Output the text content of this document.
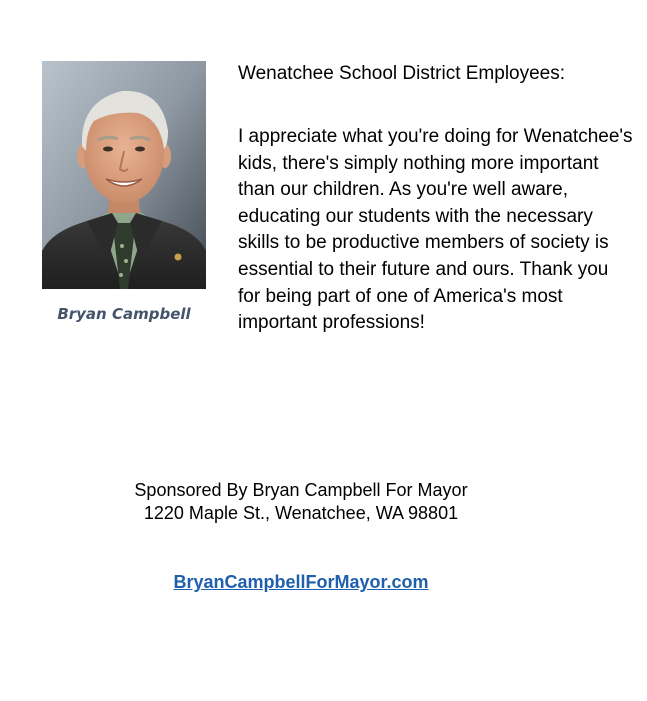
Bryan Campbell
Wenatchee School District Employees:

I appreciate what you're doing for Wenatchee's kids, there's simply nothing more important than our children. As you're well aware, educating our students with the necessary skills to be productive members of society is essential to their future and ours. Thank you for being part of one of America's most important professions!

Sponsored By Bryan Campbell For Mayor
1220 Maple St., Wenatchee, WA 98801
BryanCampbellForMayor.com
